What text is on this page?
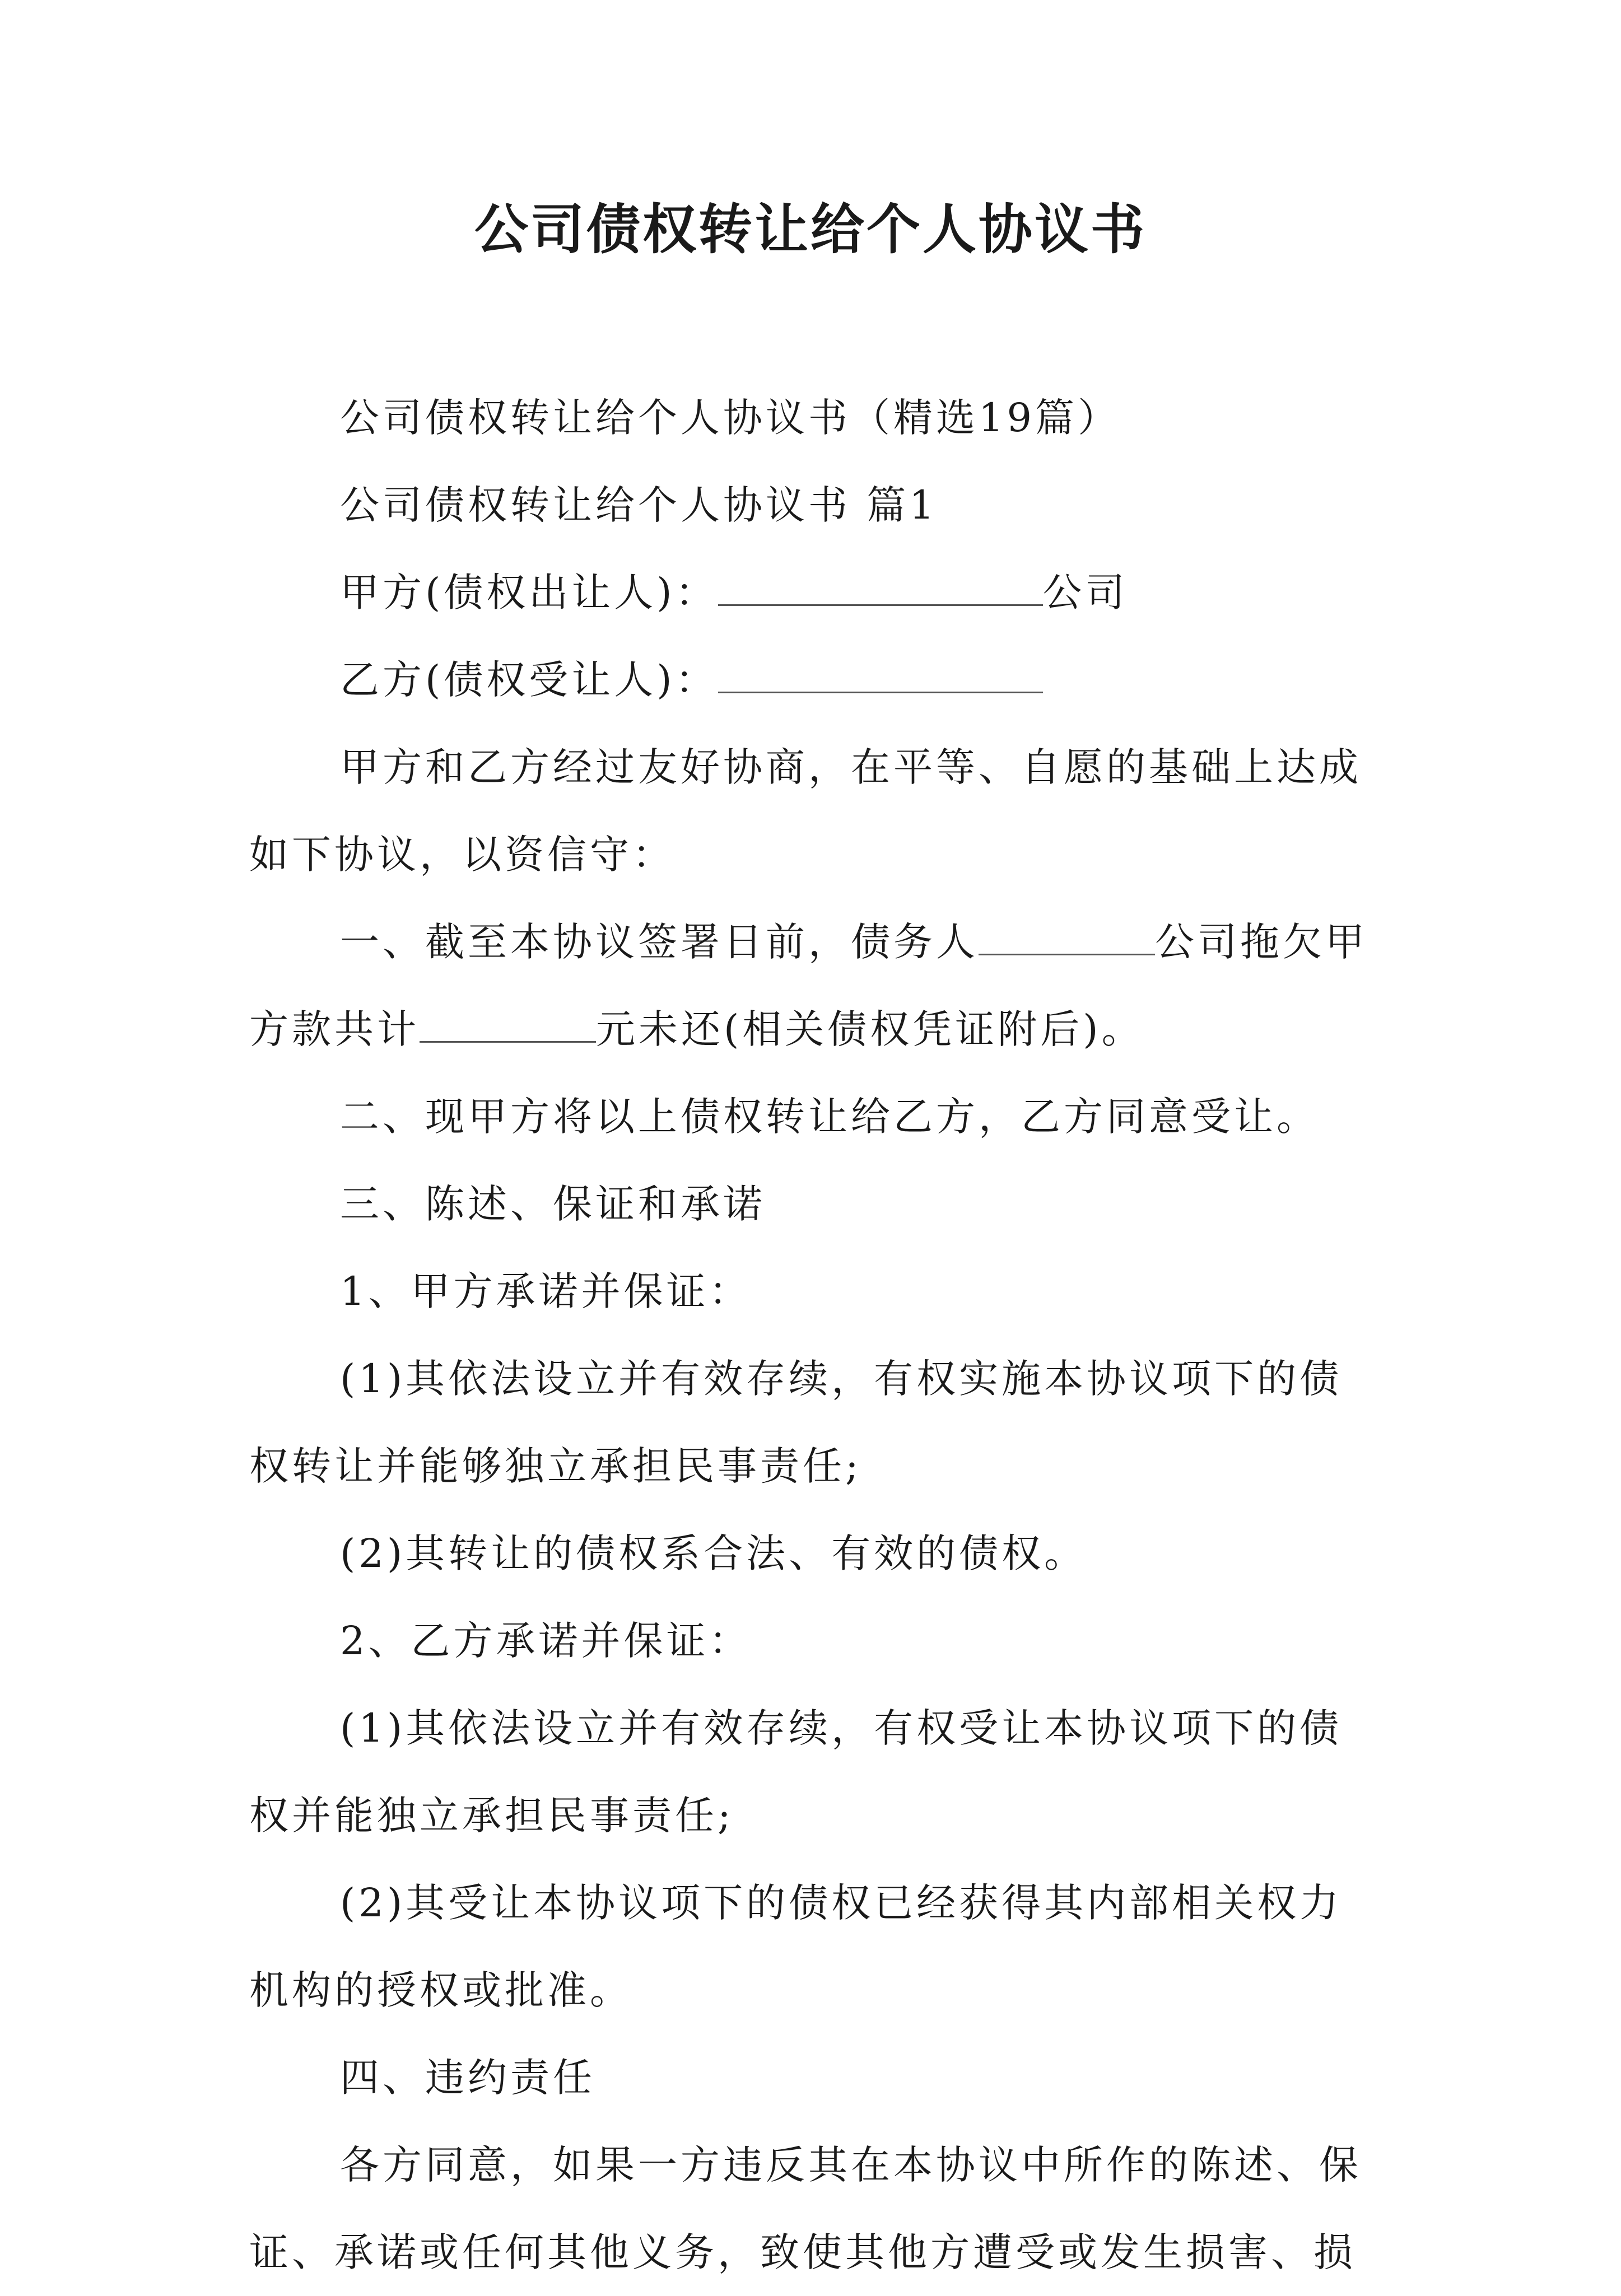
公司债权转让给个人协议书
公司债权转让给个人协议书（精选19篇）
公司债权转让给个人协议书 篇1
甲方(债权出让人)：	公司
乙方(债权受让人)：
甲方和乙方经过友好协商，在平等、自愿的基础上达成
如下协议，以资信守：
一、截至本协议签署日前，债务人	公司拖欠甲
方款共计	元未还(相关债权凭证附后)。
二、现甲方将以上债权转让给乙方，乙方同意受让。
三、陈述、保证和承诺
1、甲方承诺并保证：
(1)其依法设立并有效存续，有权实施本协议项下的债
权转让并能够独立承担民事责任;
(2)其转让的债权系合法、有效的债权。
2、乙方承诺并保证：
(1)其依法设立并有效存续，有权受让本协议项下的债
权并能独立承担民事责任;
(2)其受让本协议项下的债权已经获得其内部相关权力
机构的授权或批准。
四、违约责任
各方同意，如果一方违反其在本协议中所作的陈述、保
证、承诺或任何其他义务，致使其他方遭受或发生损害、损
